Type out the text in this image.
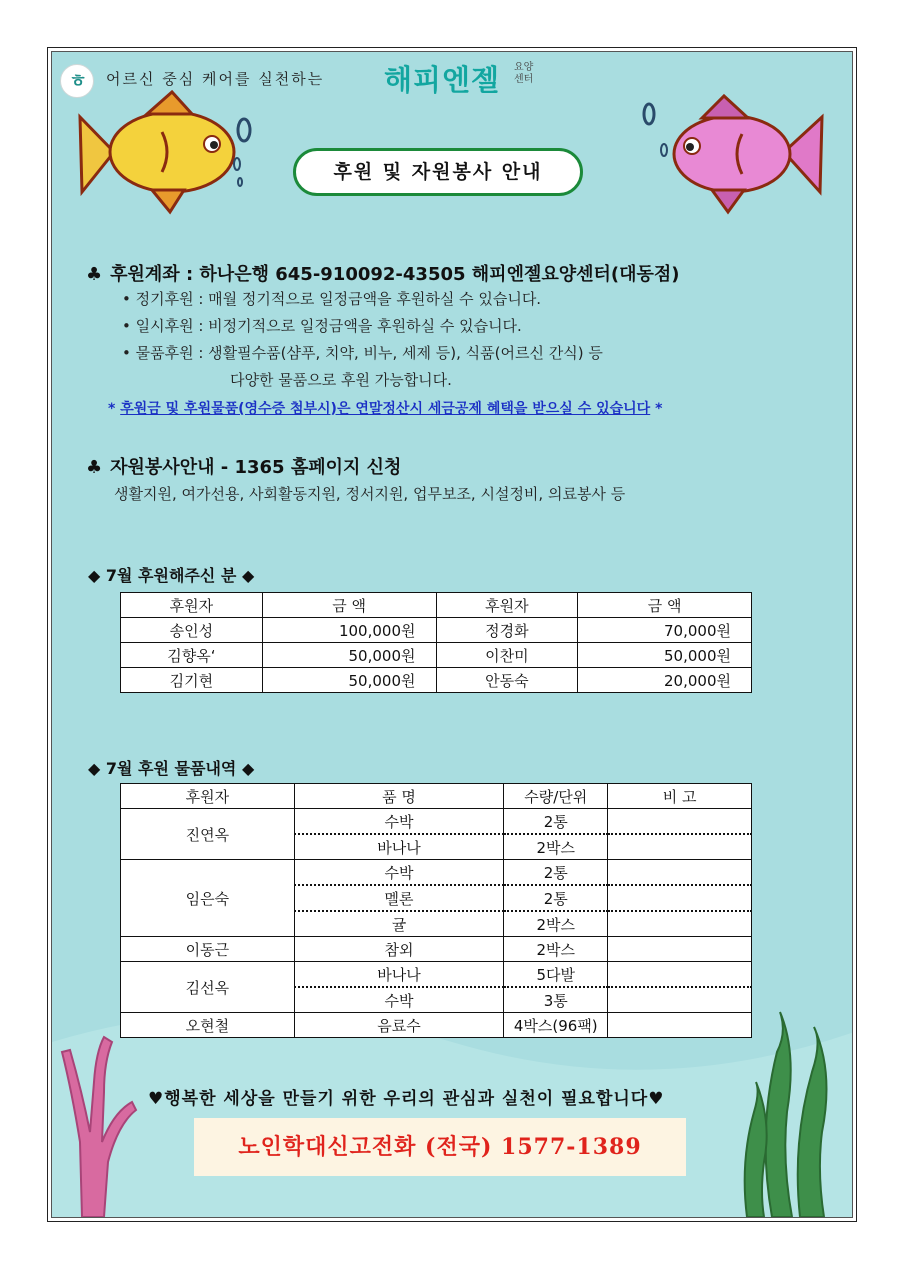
ㅎ	어르신 중심 케어를 실천하는 해피엔젤 요양 센터
후원 및 자원봉사 안내
♣ 후원계좌 : 하나은행 645-910092-43505 해피엔젤요양센터(대동점)
• 정기후원 : 매월 정기적으로 일정금액을 후원하실 수 있습니다.
• 일시후원 : 비정기적으로 일정금액을 후원하실 수 있습니다.
• 물품후원 : 생활필수품(샴푸, 치약, 비누, 세제 등), 식품(어르신 간식) 등
다양한 물품으로 후원 가능합니다.
* 후원금 및 후원물품(영수증 첨부시)은 연말정산시 세금공제 혜택을 받으실 수 있습니다 *
♣ 자원봉사안내 - 1365 홈페이지 신청
생활지원, 여가선용, 사회활동지원, 정서지원, 업무보조, 시설정비, 의료봉사 등
◆ 7월 후원해주신 분 ◆
후원자	금 액	후원자	금 액
송인성	100,000원	정경화	70,000원
김향옥‘	50,000원	이찬미	50,000원
김기현	50,000원	안동숙	20,000원
◆ 7월 후원 물품내역 ◆
후원자	품 명	수량/단위	비 고
진연옥	수박	2통	
	바나나	2박스	
임은숙	수박	2통	
	멜론	2통	
	귤	2박스	
이동근	참외	2박스	
김선옥	바나나	5다발	
	수박	3통	
오현철	음료수	4박스(96팩)	
♥행복한 세상을 만들기 위한 우리의 관심과 실천이 필요합니다♥
노인학대신고전화 (전국) 1577-1389
